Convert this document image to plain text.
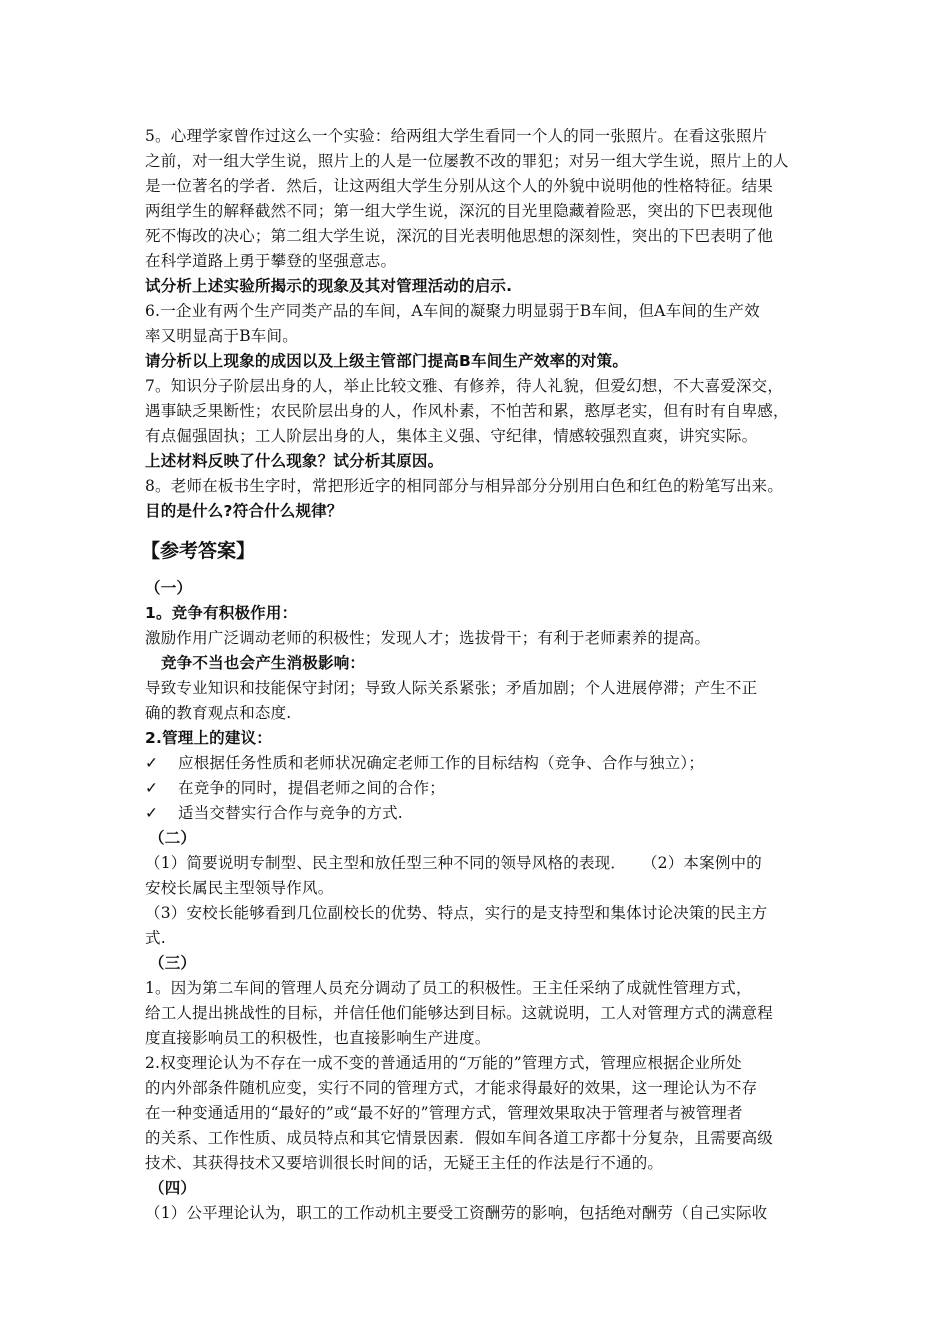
5。心理学家曾作过这么一个实验：给两组大学生看同一个人的同一张照片。在看这张照片

之前，对一组大学生说，照片上的人是一位屡教不改的罪犯；对另一组大学生说，照片上的人

是一位著名的学者．然后，让这两组大学生分别从这个人的外貌中说明他的性格特征。结果

两组学生的解释截然不同；第一组大学生说，深沉的目光里隐藏着险恶，突出的下巴表现他

死不悔改的决心；第二组大学生说，深沉的目光表明他思想的深刻性，突出的下巴表明了他

在科学道路上勇于攀登的坚强意志。

试分析上述实验所揭示的现象及其对管理活动的启示.

6.一企业有两个生产同类产品的车间，A车间的凝聚力明显弱于B车间，但A车间的生产效

率又明显高于B车间。

请分析以上现象的成因以及上级主管部门提高B车间生产效率的对策。

7。知识分子阶层出身的人，举止比较文雅、有修养，待人礼貌，但爱幻想，不大喜爱深交，

遇事缺乏果断性；农民阶层出身的人，作风朴素，不怕苦和累，憨厚老实，但有时有自卑感，

有点倔强固执；工人阶层出身的人，集体主义强、守纪律，情感较强烈直爽，讲究实际。

上述材料反映了什么现象？试分析其原因。

8。老师在板书生字时，常把形近字的相同部分与相异部分分别用白色和红色的粉笔写出来。

目的是什么?符合什么规律？

【参考答案】

（一）

1。竞争有积极作用：

激励作用广泛调动老师的积极性；发现人才；选拔骨干；有利于老师素养的提高。

竞争不当也会产生消极影响：

导致专业知识和技能保守封闭；导致人际关系紧张；矛盾加剧；个人进展停滞；产生不正

确的教育观点和态度.

2.管理上的建议：

✓	应根据任务性质和老师状况确定老师工作的目标结构（竞争、合作与独立）；
✓	在竞争的同时，提倡老师之间的合作；
✓	适当交替实行合作与竞争的方式.

（二）

（1）简要说明专制型、民主型和放任型三种不同的领导风格的表现．　　（2）本案例中的

安校长属民主型领导作风。

（3）安校长能够看到几位副校长的优势、特点，实行的是支持型和集体讨论决策的民主方

式.

（三）

1。因为第二车间的管理人员充分调动了员工的积极性。王主任采纳了成就性管理方式，

给工人提出挑战性的目标，并信任他们能够达到目标。这就说明，工人对管理方式的满意程

度直接影响员工的积极性，也直接影响生产进度。

2.权变理论认为不存在一成不变的普通适用的“万能的”管理方式，管理应根据企业所处

的内外部条件随机应变，实行不同的管理方式，才能求得最好的效果，这一理论认为不存

在一种变通适用的“最好的”或“最不好的”管理方式，管理效果取决于管理者与被管理者

的关系、工作性质、成员特点和其它情景因素．假如车间各道工序都十分复杂，且需要高级

技术、其获得技术又要培训很长时间的话，无疑王主任的作法是行不通的。

（四）

（1）公平理论认为，职工的工作动机主要受工资酬劳的影响，包括绝对酬劳（自己实际收
